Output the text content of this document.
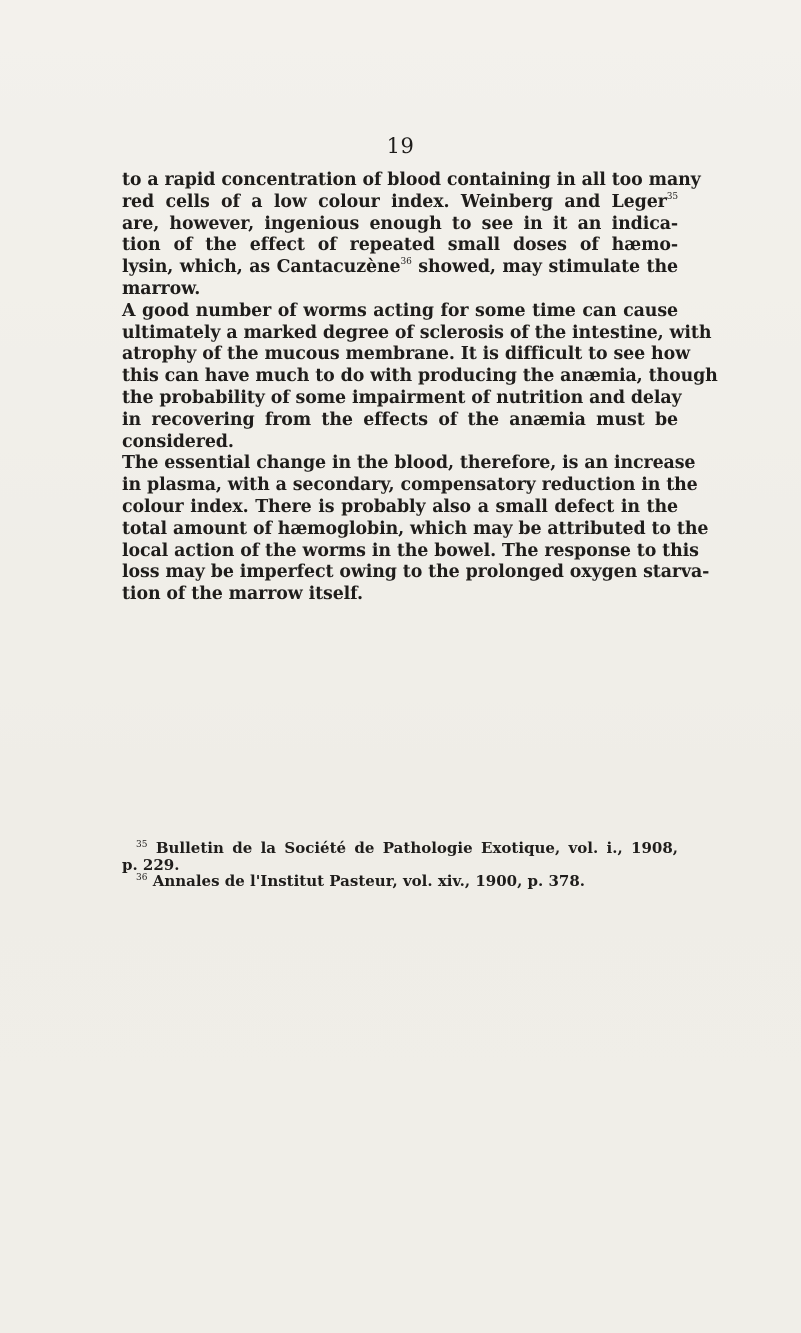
19
to a rapid concentration of blood containing in all too many
red cells of a low colour index. Weinberg and Leger$^{35}$
are, however, ingenious enough to see in it an indica-
tion of the effect of repeated small doses of hæmo-
lysin, which, as Cantacuzène$^{36}$ showed, may stimulate the
marrow.
A good number of worms acting for some time can cause
ultimately a marked degree of sclerosis of the intestine, with
atrophy of the mucous membrane. It is difficult to see how
this can have much to do with producing the anæmia, though
the probability of some impairment of nutrition and delay
in recovering from the effects of the anæmia must be
considered.
The essential change in the blood, therefore, is an increase
in plasma, with a secondary, compensatory reduction in the
colour index. There is probably also a small defect in the
total amount of hæmoglobin, which may be attributed to the
local action of the worms in the bowel. The response to this
loss may be imperfect owing to the prolonged oxygen starva-
tion of the marrow itself.
$^{35}$ Bulletin de la Société de Pathologie Exotique, vol. i., 1908,
p. 229.
$^{36}$ Annales de l'Institut Pasteur, vol. xiv., 1900, p. 378.
